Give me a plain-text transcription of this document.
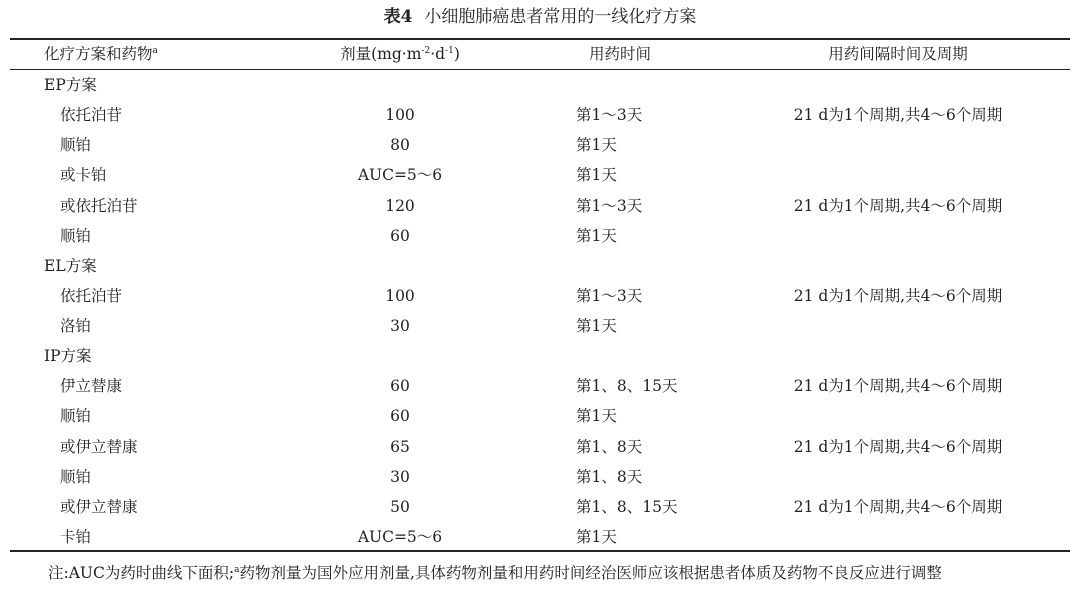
表4 小细胞肺癌患者常用的一线化疗方案
化疗方案和药物$^a$	剂量$(mg\cdot m^{-2}\cdot d^{-1})$	用药时间	用药间隔时间及周期
EP方案
依托泊苷	100	第1～3天	21 d为1个周期,共4～6个周期
顺铂	80	第1天
或卡铂	AUC=5～6	第1天
或依托泊苷	120	第1～3天	21 d为1个周期,共4～6个周期
顺铂	60	第1天
EL方案
依托泊苷	100	第1～3天	21 d为1个周期,共4～6个周期
洛铂	30	第1天
IP方案
伊立替康	60	第1、8、15天	21 d为1个周期,共4～6个周期
顺铂	60	第1天
或伊立替康	65	第1、8天	21 d为1个周期,共4～6个周期
顺铂	30	第1、8天
或伊立替康	50	第1、8、15天	21 d为1个周期,共4～6个周期
卡铂	AUC=5～6	第1天
注:AUC为药时曲线下面积;$^a$药物剂量为国外应用剂量,具体药物剂量和用药时间经治医师应该根据患者体质及药物不良反应进行调整
